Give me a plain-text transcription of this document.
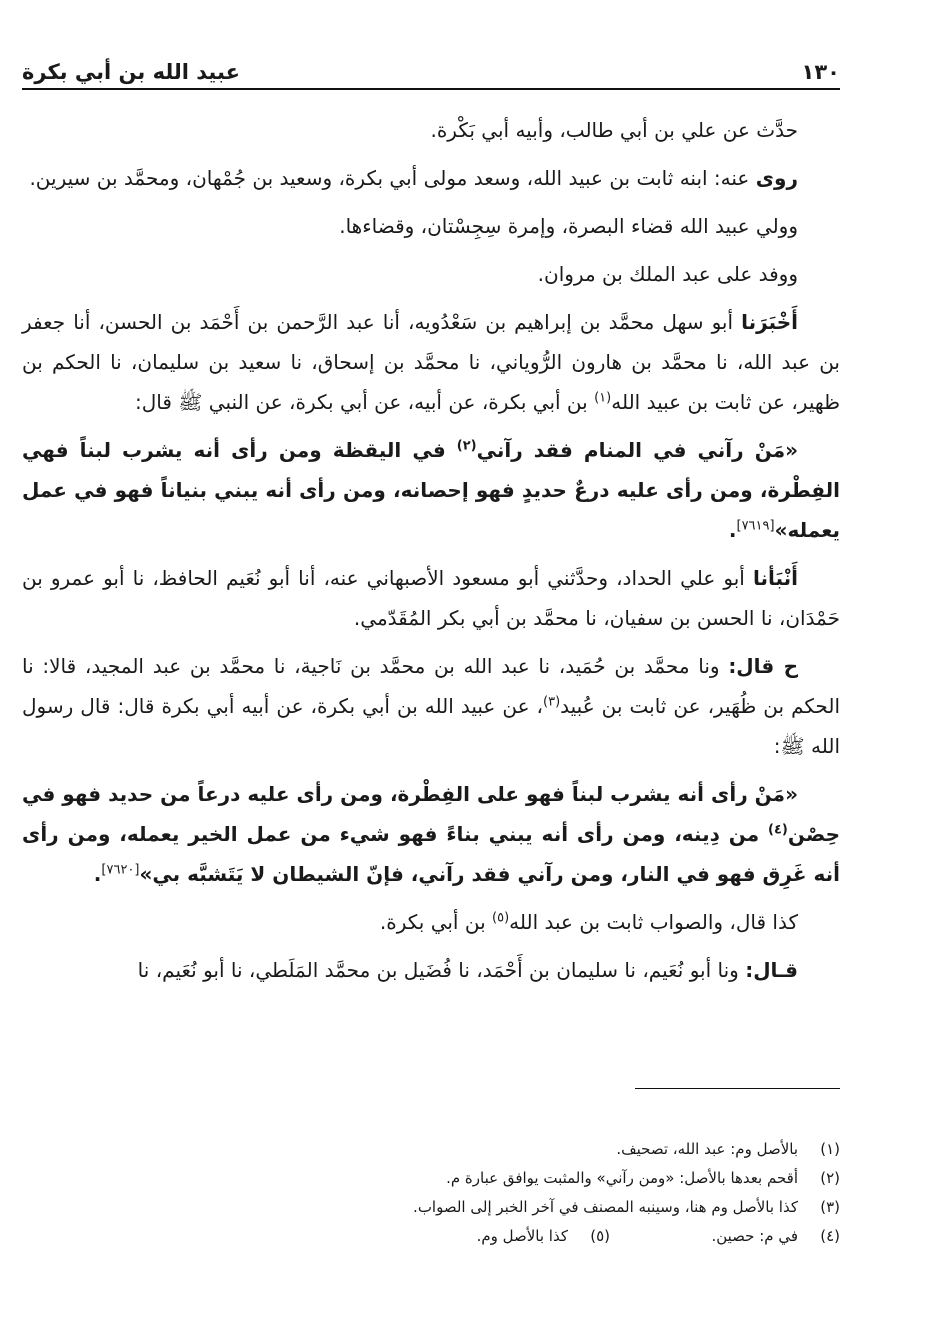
١٣٠
عبيد الله بن أبي بكرة

حدَّث عن علي بن أبي طالب، وأبيه أبي بَكْرة.

روى عنه: ابنه ثابت بن عبيد الله، وسعد مولى أبي بكرة، وسعيد بن جُمْهان، ومحمَّد بن سيرين.

وولي عبيد الله قضاء البصرة، وإمرة سِجِسْتان، وقضاءها.

ووفد على عبد الملك بن مروان.

أَخْبَرَنا أبو سهل محمَّد بن إبراهيم بن سَعْدُويه، أنا عبد الرَّحمن بن أَحْمَد بن الحسن، أنا جعفر بن عبد الله، نا محمَّد بن هارون الرُّوياني، نا محمَّد بن إسحاق، نا سعيد بن سليمان، نا الحكم بن ظهير، عن ثابت بن عبيد الله$^{(١)}$ بن أبي بكرة، عن أبيه، عن أبي بكرة، عن النبي ﷺ قال:

«مَنْ رآني في المنام فقد رآني$^{(٢)}$ في اليقظة ومن رأى أنه يشرب لبناً فهي الفِطْرة، ومن رأى عليه درعٌ حديدٍ فهو إحصانه، ومن رأى أنه يبني بنياناً فهو في عمل يعمله»[٧٦١٩].

أَنْبَأنا أبو علي الحداد، وحدَّثني أبو مسعود الأصبهاني عنه، أنا أبو نُعَيم الحافظ، نا أبو عمرو بن حَمْدَان، نا الحسن بن سفيان، نا محمَّد بن أبي بكر المُقَدّمي.

ح قال: ونا محمَّد بن حُمَيد، نا عبد الله بن محمَّد بن نَاجية، نا محمَّد بن عبد المجيد، قالا: نا الحكم بن ظُهَير، عن ثابت بن عُبيد$^{(٣)}$، عن عبيد الله بن أبي بكرة، عن أبيه أبي بكرة قال: قال رسول الله ﷺ:

«مَنْ رأى أنه يشرب لبناً فهو على الفِطْرة، ومن رأى عليه درعاً من حديد فهو في حِصْن$^{(٤)}$ من دِينه، ومن رأى أنه يبني بناءً فهو شيء من عمل الخير يعمله، ومن رأى أنه غَرِق فهو في النار، ومن رآني فقد رآني، فإنّ الشيطان لا يَتَشبَّه بي»[٧٦٢٠].

كذا قال، والصواب ثابت بن عبد الله$^{(٥)}$ بن أبي بكرة.

قـال: ونا أبو نُعَيم، نا سليمان بن أَحْمَد، نا فُضَيل بن محمَّد المَلَطي، نا أبو نُعَيم، نا

(١)
بالأصل وم: عبد الله، تصحيف.
(٢)
أقحم بعدها بالأصل: «ومن رآني» والمثبت يوافق عبارة م.
(٣)
كذا بالأصل وم هنا، وسينبه المصنف في آخر الخبر إلى الصواب.
(٤)
في م: حصين.
(٥)
كذا بالأصل وم.
